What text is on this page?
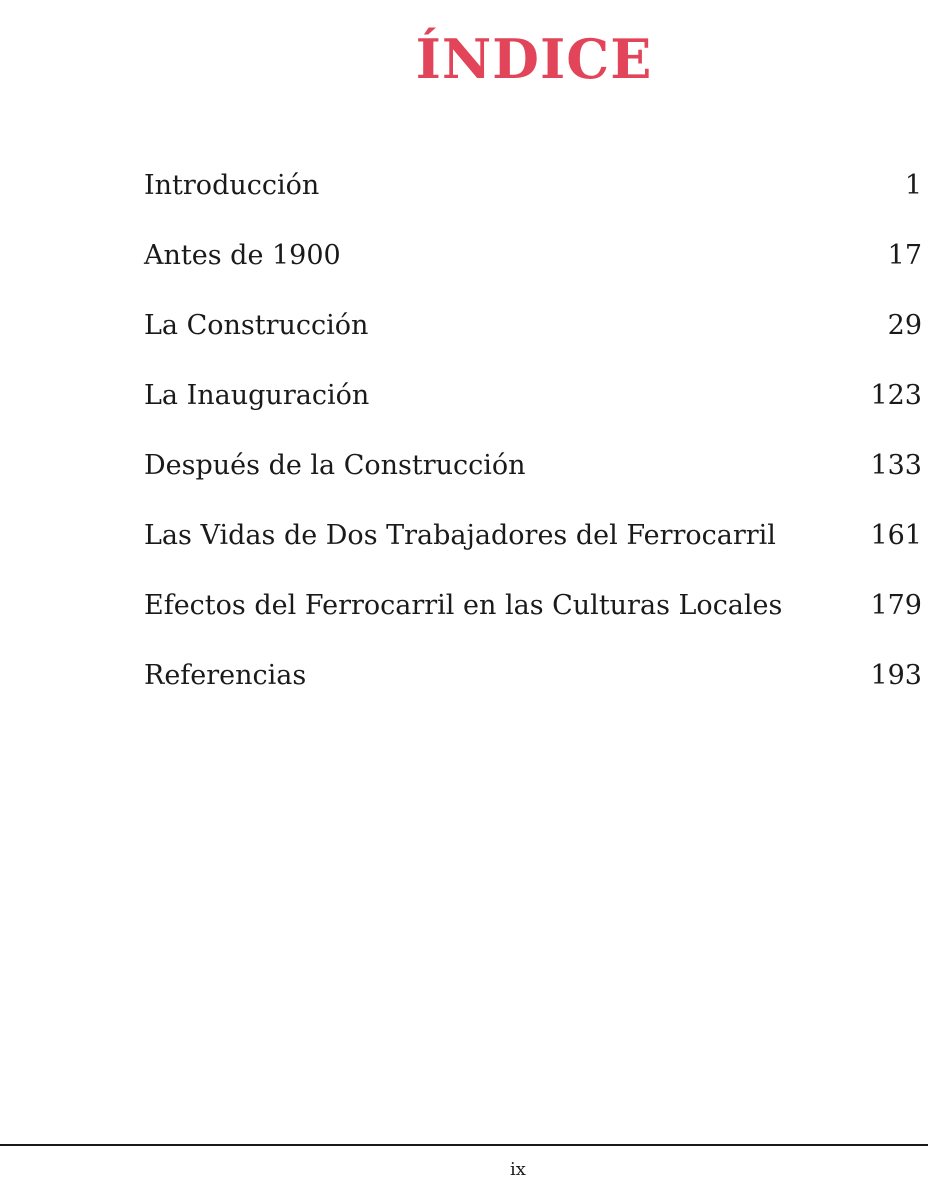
ÍNDICE
Introducción	1
Antes de 1900	17
La Construcción	29
La Inauguración	123
Después de la Construcción	133
Las Vidas de Dos Trabajadores del Ferrocarril	161
Efectos del Ferrocarril en las Culturas Locales	179
Referencias	193
ix
